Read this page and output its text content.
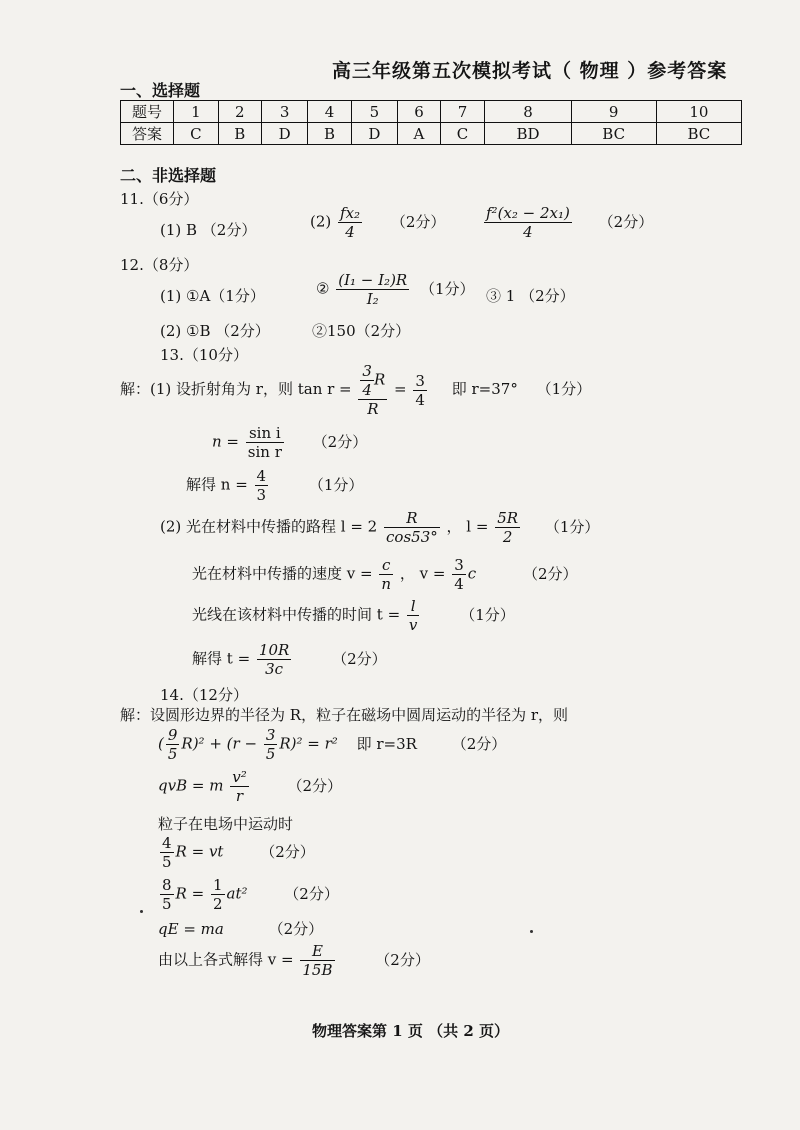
高三年级第五次模拟考试（ 物理 ）参考答案
一、选择题
题号	1	2	3	4	5	6	7	8	9	10
答案	C	B	D	B	D	A	C	BD	BC	BC
二、非选择题
11.（6分）
(1) B （2分）	$(2) \frac{\text{fx₂}}{4} (2$分）	$\frac{\text{f²(x₂ − 2x₁)}}{4} (2$分）
12.（8分）
(1) ①A（1分）	② $\frac{\text{(I₁ − I₂)R}}{\text{I₂}} (1$分） ③ 1 （2分）
(2) ①B （2分）	②150（2分）
13.（10分）
解：(1) 设折射角为 r，则 $\tan r = \frac{\frac{3}{4} R}{R} = \frac{3}{4}$ 即 r=37° （1分）
$n = \frac{\text{sin i}}{\text{sin r}} (2$分）
解得 $n = \frac{4}{3}$	（1分）
(2) 光在材料中传播的路程 $l = 2 \frac{R}{\cos 53^\circ}$ ， $l = \frac{5R}{2} (1$分）
光在材料中传播的速度 $v = \frac{c}{n}$ ， $v = \frac{3}{4}$ c	（2分）
光线在该材料中传播的时间 $t = \frac{l}{v}$	（1分）
解得 $t = \frac{10R}{3c}$	（2分）
14.（12分）
解：设圆形边界的半径为 R，粒子在磁场中圆周运动的半径为 r，则
( $\frac{9}{5} R)^2 + (r - \frac{3}{5} R)^2 = r^2$ 即 r=3R （2分）
qvB = m $\frac{\text{v²}}{r}$	（2分）
粒子在电场中运动时
$\frac{4}{5}$ R = vt （2分）
$\frac{8}{5}$ $R = \frac{1}{2} at^2$ （2分）
qE = ma	（2分）
由以上各式解得 $v = \frac{E}{15B}$	（2分）
物理答案第 1 页 （共 2 页）
